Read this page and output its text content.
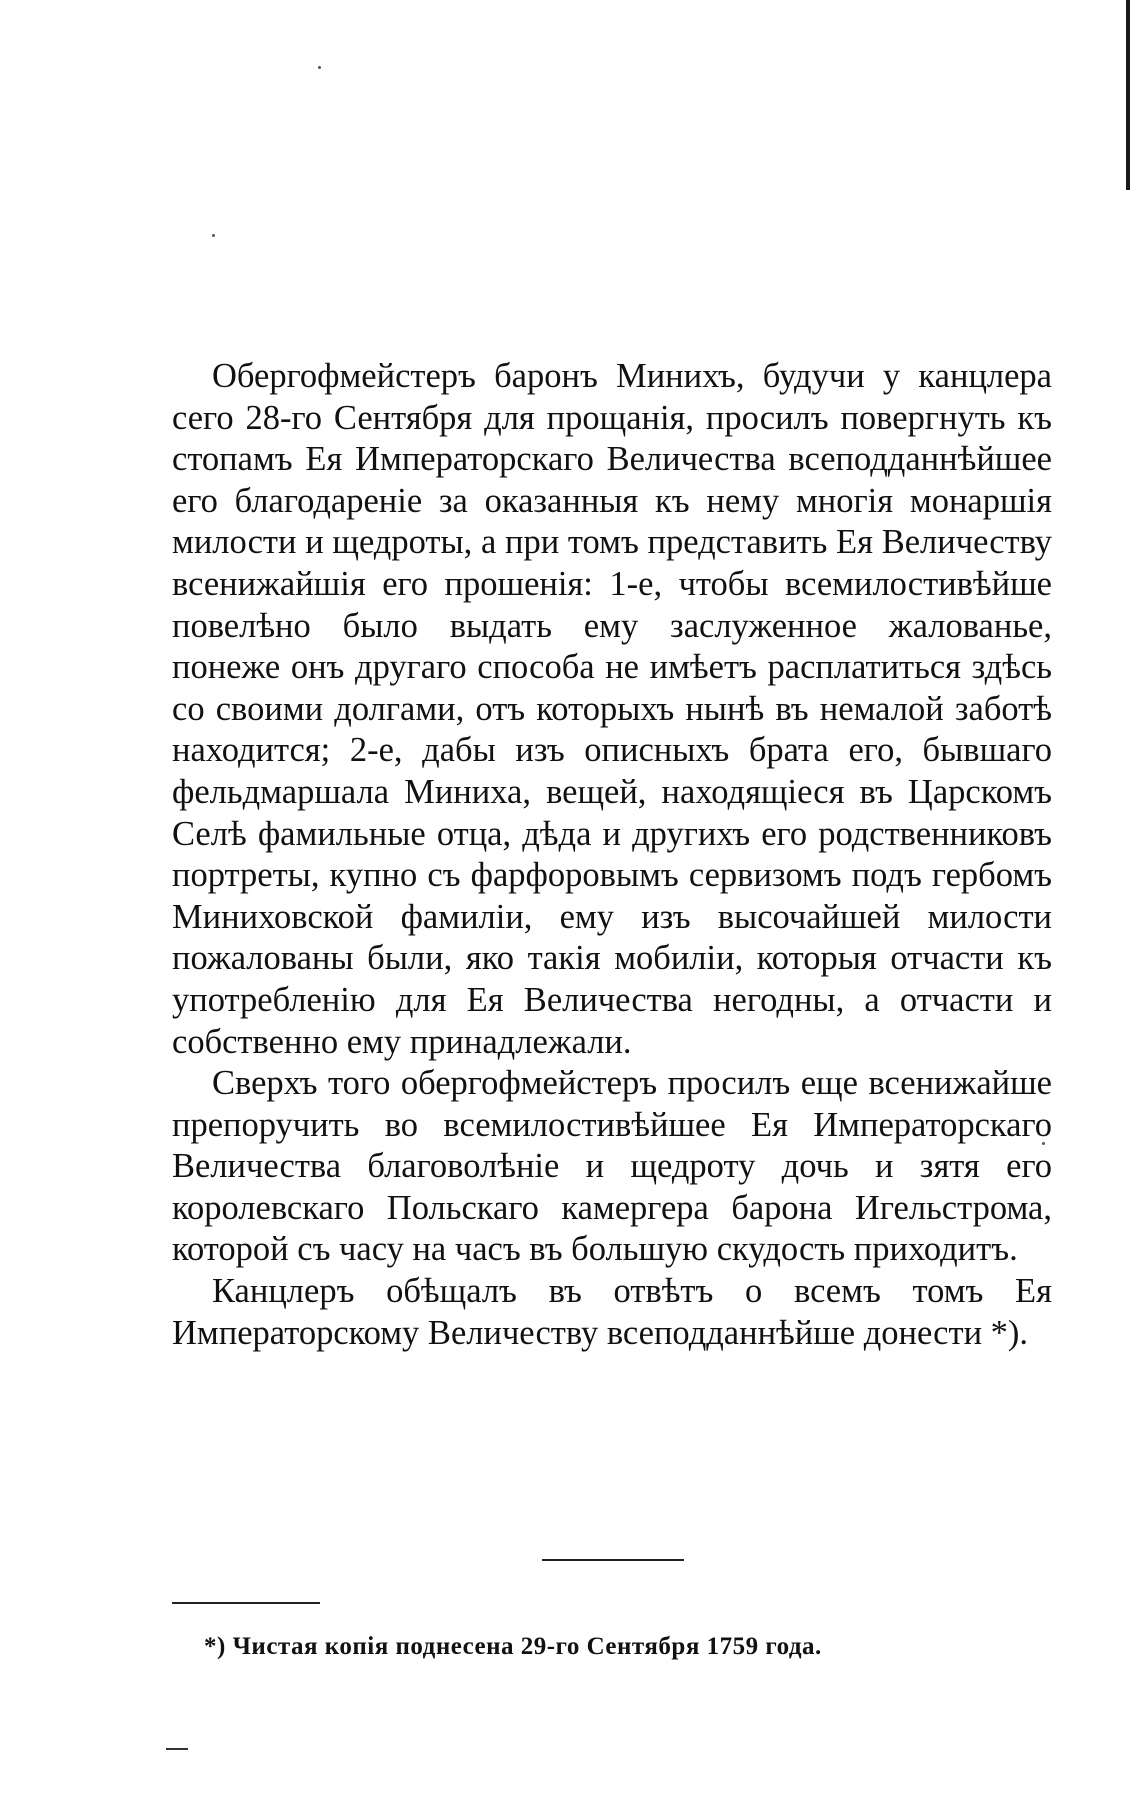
Обергофмейстеръ баронъ Минихъ, будучи у канцлера сего 28-го Сентября для прощанія, просилъ повергнуть къ стопамъ Ея Императорскаго Величества всеподданнѣйшее его благодареніе за оказанныя къ нему многія монаршія милости и щедроты, а при томъ представить Ея Величеству всенижайшія его прошенія: 1-е, чтобы всемилостивѣйше повелѣно было выдать ему заслуженное жалованье, понеже онъ другаго способа не имѣетъ расплатиться здѣсь со своими долгами, отъ которыхъ нынѣ въ немалой заботѣ находится; 2-е, дабы изъ описныхъ брата его, бывшаго фельдмаршала Миниха, вещей, находящіеся въ Царскомъ Селѣ фамильные отца, дѣда и другихъ его родственниковъ портреты, купно съ фарфоровымъ сервизомъ подъ гербомъ Миниховской фамиліи, ему изъ высочайшей милости пожалованы были, яко такія мобиліи, которыя отчасти къ употребленію для Ея Величества негодны, а отчасти и собственно ему принадлежали.

Сверхъ того обергофмейстеръ просилъ еще всенижайше препоручить во всемилостивѣйшее Ея Императорскаго Величества благоволѣніе и щедроту дочь и зятя его королевскаго Польскаго камергера барона Игельстрома, которой съ часу на часъ въ большую скудость приходитъ.

Канцлеръ обѣщалъ въ отвѣтъ о всемъ томъ Ея Императорскому Величеству всеподданнѣйше донести *).

*) Чистая копія поднесена 29-го Сентября 1759 года.
